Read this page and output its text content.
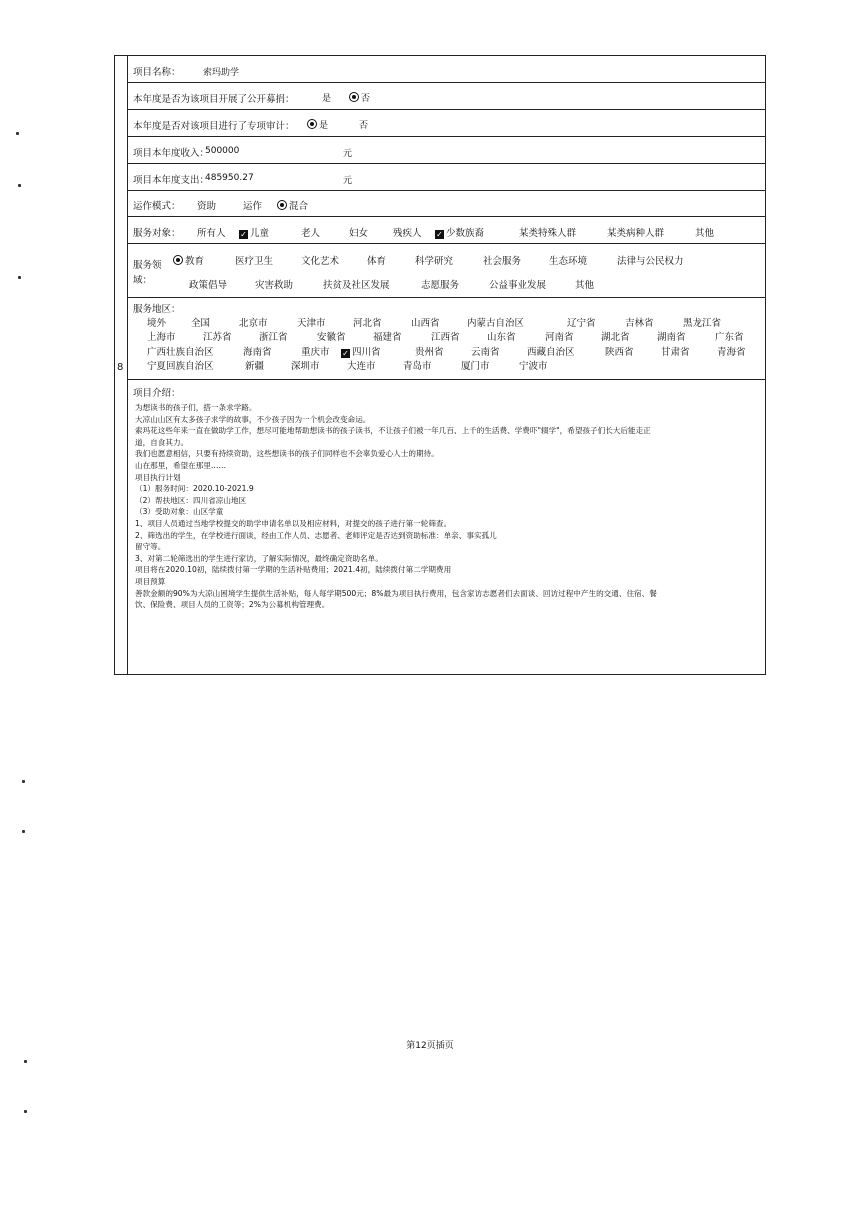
8
项目名称： 索玛助学
本年度是否为该项目开展了公开募捐：	是	否
本年度是否对该项目进行了专项审计：	是	否
项目本年度收入：
500000	元
项目本年度支出：
485950.27	元
运作模式： 资助	运作	混合
服务对象： 所有人 ✓ 儿童	老人	妇女	残疾人 ✓ 少数族裔	某类特殊人群	某类病种人群	其他
服务领
域：
教育	医疗卫生	文化艺术	体育	科学研究	社会服务	生态环境	法律与公民权力
政策倡导	灾害救助	扶贫及社区发展	志愿服务	公益事业发展	其他
服务地区：
境外	全国	北京市	天津市	河北省	山西省	内蒙古自治区	辽宁省	吉林省	黑龙江省
上海市	江苏省	浙江省	安徽省	福建省	江西省	山东省	河南省	湖北省	湖南省	广东省
广西壮族自治区	海南省	重庆市 ✓ 四川省	贵州省	云南省	西藏自治区	陕西省	甘肃省	青海省
宁夏回族自治区	新疆	深圳市	大连市	青岛市	厦门市	宁波市
项目介绍：
为想读书的孩子们，搭一条求学路。
大凉山山区有太多孩子求学的故事，不少孩子因为一个机会改变命运。
索玛花这些年来一直在做助学工作，想尽可能地帮助想读书的孩子读书，不让孩子们被一年几百、上千的生活费、学费吓"辍学"，希望孩子们长大后能走正
道，自食其力。
我们也愿意相信，只要有持续资助，这些想读书的孩子们同样也不会辜负爱心人士的期待。
山在那里，希望在那里……
项目执行计划
（1）服务时间：2020.10-2021.9
（2）帮扶地区：四川省凉山地区
（3）受助对象：山区学童
1、项目人员通过当地学校提交的助学申请名单以及相应材料，对提交的孩子进行第一轮筛查。
2、筛选出的学生，在学校进行面谈，经由工作人员、志愿者、老师评定是否达到资助标准：单亲、事实孤儿
留守等。
3、对第二轮筛选出的学生进行家访，了解实际情况，最终确定资助名单。
项目将在2020.10初，陆续拨付第一学期的生活补贴费用；2021.4初，陆续拨付第二学期费用
项目预算
善款金额的90%为大凉山困境学生提供生活补贴，每人每学期500元；8%最为项目执行费用，包含家访志愿者们去面谈、回访过程中产生的交通、住宿、餐
饮、保险费、项目人员的工资等；2%为公募机构管理费。
第12页插页
